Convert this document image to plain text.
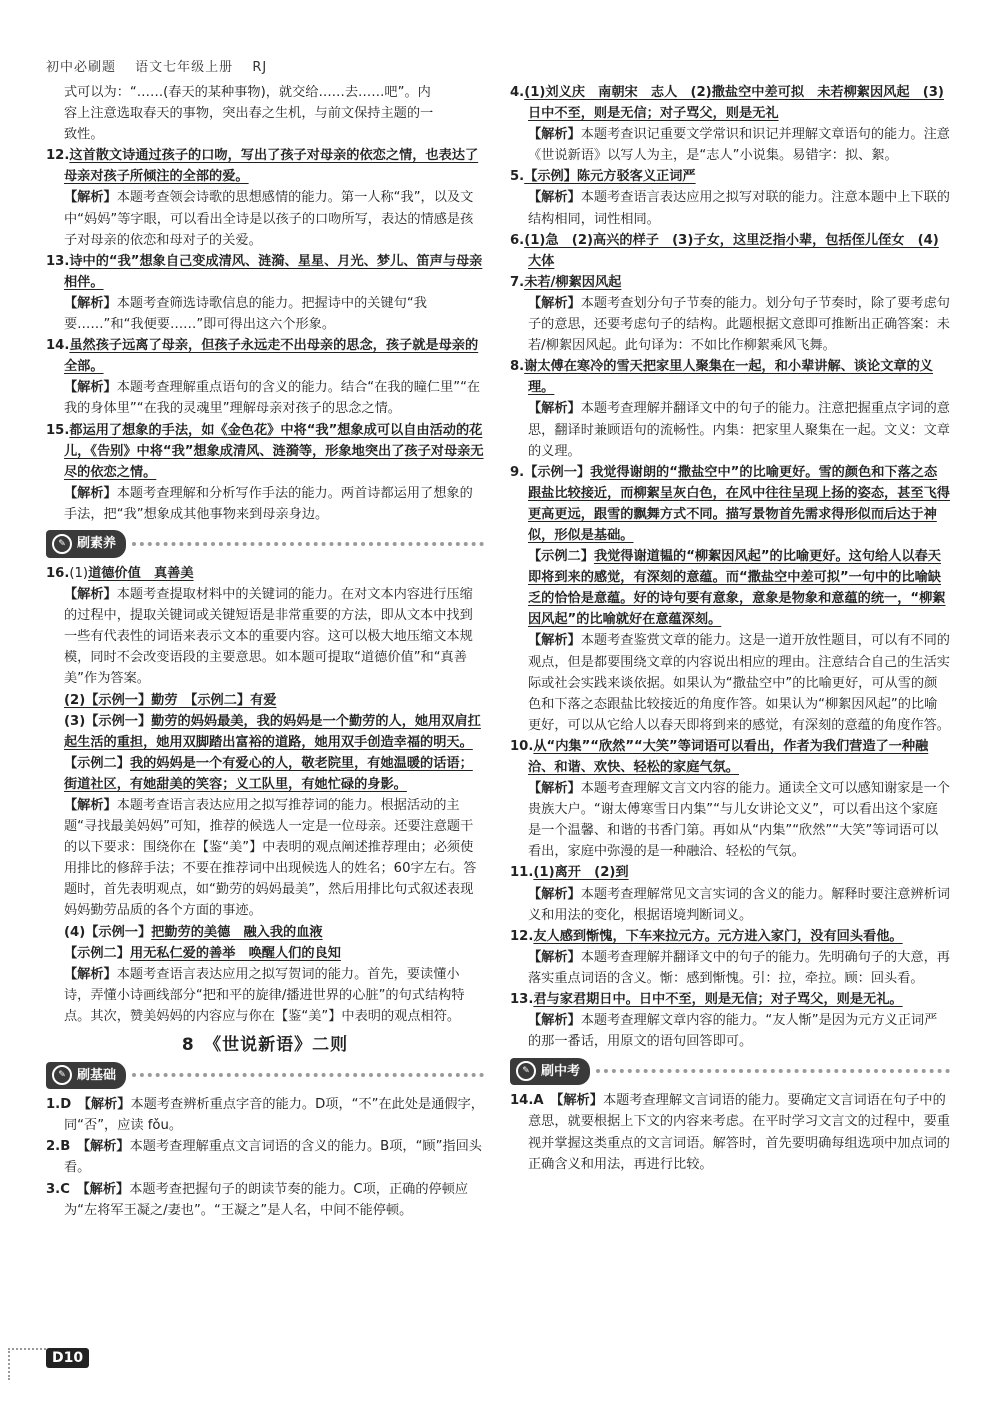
初中必刷题 语文七年级上册 RJ

式可以为：“……(春天的某种事物)，就交给……去……吧”。内

容上注意选取春天的事物，突出春之生机，与前文保持主题的一

致性。

12.这首散文诗通过孩子的口吻，写出了孩子对母亲的依恋之情，也表达了母亲对孩子所倾注的全部的爱。

【解析】本题考查领会诗歌的思想感情的能力。第一人称“我”，以及文中“妈妈”等字眼，可以看出全诗是以孩子的口吻所写，表达的情感是孩子对母亲的依恋和母对子的关爱。

13.诗中的“我”想象自己变成清风、涟漪、星星、月光、梦儿、笛声与母亲相伴。

【解析】本题考查筛选诗歌信息的能力。把握诗中的关键句“我要……”和“我便要……”即可得出这六个形象。

14.虽然孩子远离了母亲，但孩子永远走不出母亲的思念，孩子就是母亲的全部。

【解析】本题考查理解重点语句的含义的能力。结合“在我的瞳仁里”“在我的身体里”“在我的灵魂里”理解母亲对孩子的思念之情。

15.都运用了想象的手法，如《金色花》中将“我”想象成可以自由活动的花儿，《告别》中将“我”想象成清风、涟漪等，形象地突出了孩子对母亲无尽的依恋之情。

【解析】本题考查理解和分析写作手法的能力。两首诗都运用了想象的手法，把“我”想象成其他事物来到母亲身边。

✎ 刷素养

16.(1)道德价值　真善美

【解析】本题考查提取材料中的关键词的能力。在对文本内容进行压缩的过程中，提取关键词或关键短语是非常重要的方法，即从文本中找到一些有代表性的词语来表示文本的重要内容。这可以极大地压缩文本规模，同时不会改变语段的主要意思。如本题可提取“道德价值”和“真善美”作为答案。

(2)【示例一】勤劳　【示例二】有爱

(3)【示例一】勤劳的妈妈最美，我的妈妈是一个勤劳的人，她用双肩扛起生活的重担，她用双脚踏出富裕的道路，她用双手创造幸福的明天。

【示例二】我的妈妈是一个有爱心的人，敬老院里，有她温暖的话语；街道社区，有她甜美的笑容；义工队里，有她忙碌的身影。

【解析】本题考查语言表达应用之拟写推荐词的能力。根据活动的主题“寻找最美妈妈”可知，推荐的候选人一定是一位母亲。还要注意题干的以下要求：围绕你在【鉴“美”】中表明的观点阐述推荐理由；必须使用排比的修辞手法；不要在推荐词中出现候选人的姓名；60字左右。答题时，首先表明观点，如“勤劳的妈妈最美”，然后用排比句式叙述表现妈妈勤劳品质的各个方面的事迹。

(4)【示例一】把勤劳的美德　融入我的血液

【示例二】用无私仁爱的善举　唤醒人们的良知

【解析】本题考查语言表达应用之拟写贺词的能力。首先，要读懂小诗，弄懂小诗画线部分“把和平的旋律/播进世界的心脏”的句式结构特点。其次，赞美妈妈的内容应与你在【鉴“美”】中表明的观点相符。

8　《世说新语》二则
✎ 刷基础

1.D　 【解析】本题考查辨析重点字音的能力。D项，“不”在此处是通假字，同“否”，应读 fǒu。

2.B　 【解析】本题考查理解重点文言词语的含义的能力。B项，“顾”指回头看。

3.C　 【解析】本题考查把握句子的朗读节奏的能力。C项，正确的停顿应为“左将军王凝之/妻也”。“王凝之”是人名，中间不能停顿。

4.(1)刘义庆　南朝宋　志人　(2)撒盐空中差可拟　未若柳絮因风起　(3)日中不至，则是无信；对子骂父，则是无礼

【解析】本题考查识记重要文学常识和识记并理解文章语句的能力。注意《世说新语》以写人为主，是“志人”小说集。易错字：拟、絮。

5.【示例】陈元方驳客义正词严

【解析】本题考查语言表达应用之拟写对联的能力。注意本题中上下联的结构相同，词性相同。

6.(1)急　(2)高兴的样子　(3)子女，这里泛指小辈，包括侄儿侄女　(4)大体

7.未若/柳絮因风起

【解析】本题考查划分句子节奏的能力。划分句子节奏时，除了要考虑句子的意思，还要考虑句子的结构。此题根据文意即可推断出正确答案：未若/柳絮因风起。此句译为：不如比作柳絮乘风飞舞。

8.谢太傅在寒冷的雪天把家里人聚集在一起，和小辈讲解、谈论文章的义理。

【解析】本题考查理解并翻译文中的句子的能力。注意把握重点字词的意思，翻译时兼顾语句的流畅性。内集：把家里人聚集在一起。文义：文章的义理。

9.【示例一】我觉得谢朗的“撒盐空中”的比喻更好。雪的颜色和下落之态跟盐比较接近，而柳絮呈灰白色，在风中往往呈现上扬的姿态，甚至飞得更高更远，跟雪的飘舞方式不同。描写景物首先需求得形似而后达于神似，形似是基础。

【示例二】我觉得谢道韫的“柳絮因风起”的比喻更好。这句给人以春天即将到来的感觉，有深刻的意蕴。而“撒盐空中差可拟”一句中的比喻缺乏的恰恰是意蕴。好的诗句要有意象，意象是物象和意蕴的统一，“柳絮因风起”的比喻就好在意蕴深刻。

【解析】本题考查鉴赏文章的能力。这是一道开放性题目，可以有不同的观点，但是都要围绕文章的内容说出相应的理由。注意结合自己的生活实际或社会实践来谈依据。如果认为“撒盐空中”的比喻更好，可从雪的颜色和下落之态跟盐比较接近的角度作答。如果认为“柳絮因风起”的比喻更好，可以从它给人以春天即将到来的感觉，有深刻的意蕴的角度作答。

10.从“内集”“欣然”“大笑”等词语可以看出，作者为我们营造了一种融洽、和谐、欢快、轻松的家庭气氛。

【解析】本题考查理解文言文内容的能力。通读全文可以感知谢家是一个贵族大户。“谢太傅寒雪日内集”“与儿女讲论文义”，可以看出这个家庭是一个温馨、和谐的书香门第。再如从“内集”“欣然”“大笑”等词语可以看出，家庭中弥漫的是一种融洽、轻松的气氛。

11.(1)离开　(2)到

【解析】本题考查理解常见文言实词的含义的能力。解释时要注意辨析词义和用法的变化，根据语境判断词义。

12.友人感到惭愧，下车来拉元方。元方进入家门，没有回头看他。

【解析】本题考查理解并翻译文中的句子的能力。先明确句子的大意，再落实重点词语的含义。惭：感到惭愧。引：拉，牵拉。顾：回头看。

13.君与家君期日中。日中不至，则是无信；对子骂父，则是无礼。

【解析】本题考查理解文章内容的能力。“友人惭”是因为元方义正词严的那一番话，用原文的语句回答即可。

✎ 刷中考

14.A　 【解析】本题考查理解文言词语的能力。要确定文言词语在句子中的意思，就要根据上下文的内容来考虑。在平时学习文言文的过程中，要重视并掌握这类重点的文言词语。解答时，首先要明确每组选项中加点词的正确含义和用法，再进行比较。

D10
